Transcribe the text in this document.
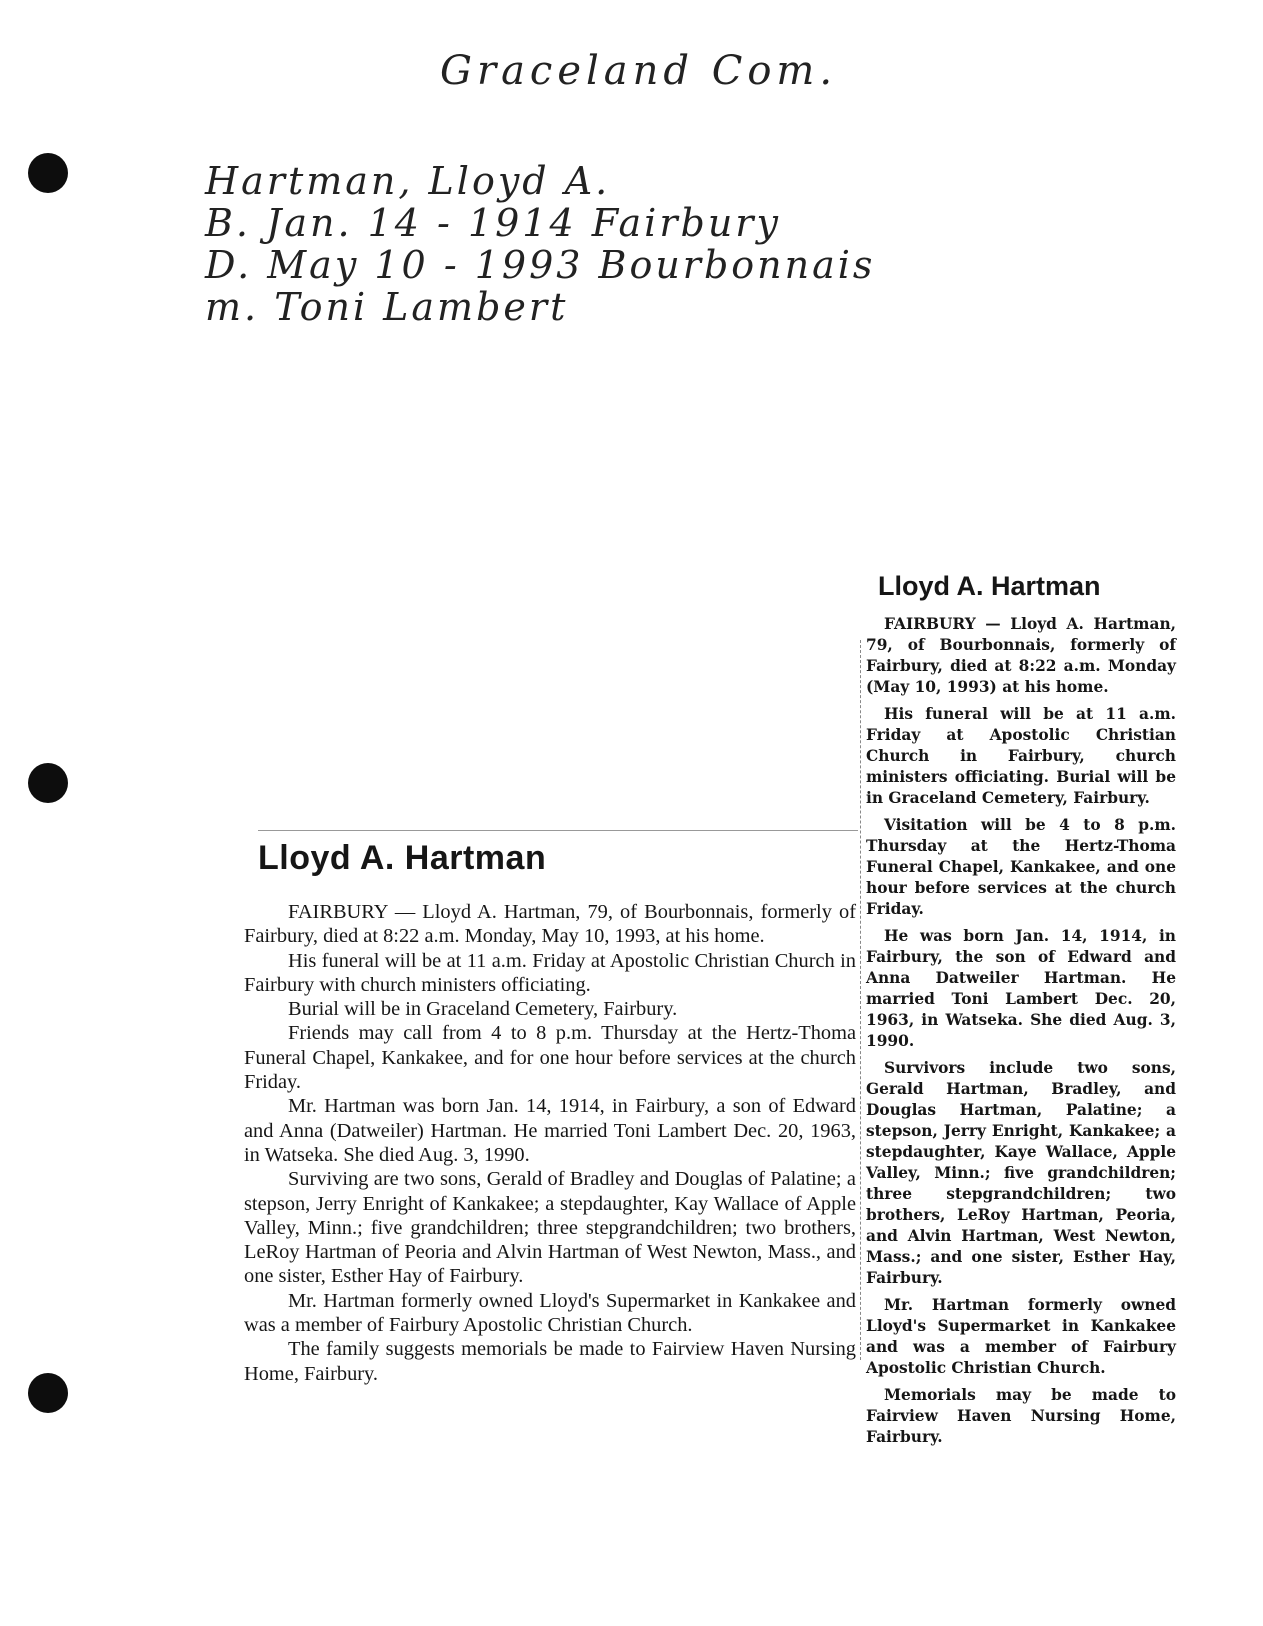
Graceland Com.
Hartman, Lloyd A.
B. Jan. 14 - 1914 Fairbury
D. May 10 - 1993 Bourbonnais
m. Toni Lambert
Lloyd A. Hartman

FAIRBURY — Lloyd A. Hartman, 79, of Bourbonnais, formerly of Fairbury, died at 8:22 a.m. Monday (May 10, 1993) at his home.

His funeral will be at 11 a.m. Friday at Apostolic Christian Church in Fairbury, church ministers officiating. Burial will be in Graceland Cemetery, Fairbury.

Visitation will be 4 to 8 p.m. Thursday at the Hertz-Thoma Funeral Chapel, Kankakee, and one hour before services at the church Friday.

He was born Jan. 14, 1914, in Fairbury, the son of Edward and Anna Datweiler Hartman. He married Toni Lambert Dec. 20, 1963, in Watseka. She died Aug. 3, 1990.

Survivors include two sons, Gerald Hartman, Bradley, and Douglas Hartman, Palatine; a stepson, Jerry Enright, Kankakee; a stepdaughter, Kaye Wallace, Apple Valley, Minn.; five grandchildren; three stepgrandchildren; two brothers, LeRoy Hartman, Peoria, and Alvin Hartman, West Newton, Mass.; and one sister, Esther Hay, Fairbury.

Mr. Hartman formerly owned Lloyd's Supermarket in Kankakee and was a member of Fairbury Apostolic Christian Church.

Memorials may be made to Fairview Haven Nursing Home, Fairbury.

Lloyd A. Hartman

FAIRBURY — Lloyd A. Hartman, 79, of Bourbonnais, formerly of Fairbury, died at 8:22 a.m. Monday, May 10, 1993, at his home.

His funeral will be at 11 a.m. Friday at Apostolic Christian Church in Fairbury with church ministers officiating.

Burial will be in Graceland Cemetery, Fairbury.

Friends may call from 4 to 8 p.m. Thursday at the Hertz-Thoma Funeral Chapel, Kankakee, and for one hour before services at the church Friday.

Mr. Hartman was born Jan. 14, 1914, in Fairbury, a son of Edward and Anna (Datweiler) Hartman. He married Toni Lambert Dec. 20, 1963, in Watseka. She died Aug. 3, 1990.

Surviving are two sons, Gerald of Bradley and Douglas of Palatine; a stepson, Jerry Enright of Kankakee; a stepdaughter, Kay Wallace of Apple Valley, Minn.; five grandchildren; three stepgrandchildren; two brothers, LeRoy Hartman of Peoria and Alvin Hartman of West Newton, Mass., and one sister, Esther Hay of Fairbury.

Mr. Hartman formerly owned Lloyd's Supermarket in Kankakee and was a member of Fairbury Apostolic Christian Church.

The family suggests memorials be made to Fairview Haven Nursing Home, Fairbury.
